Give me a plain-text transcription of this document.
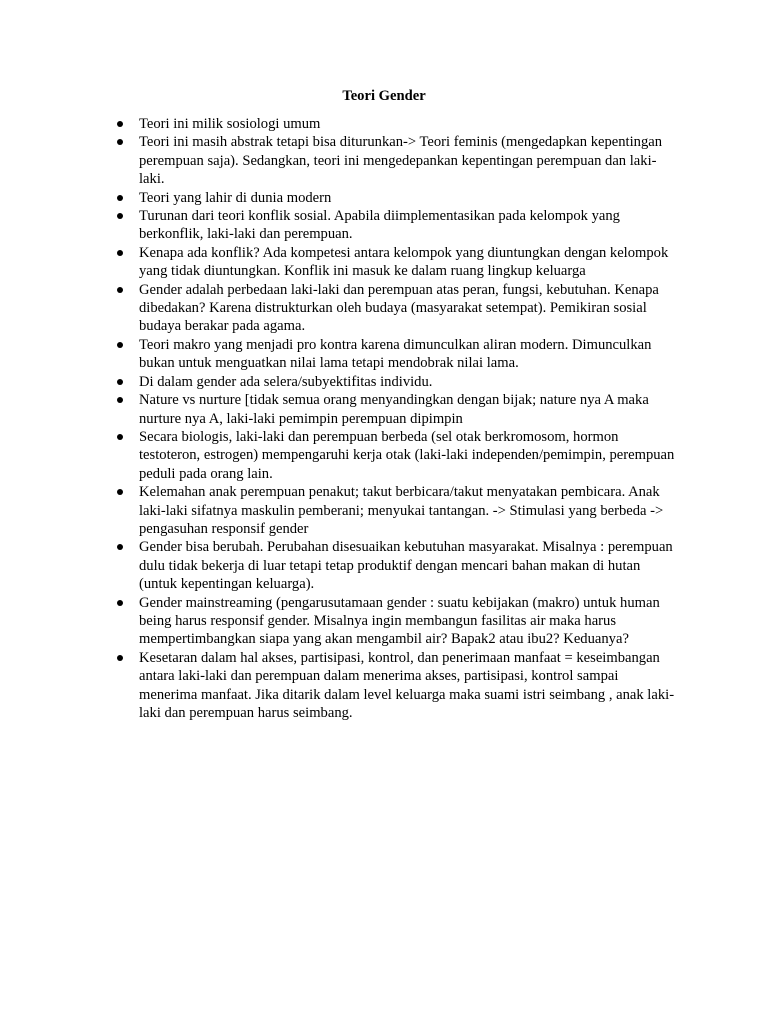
Teori Gender
Teori ini milik sosiologi umum
Teori ini masih abstrak tetapi bisa diturunkan-> Teori feminis (mengedapkan kepentingan perempuan saja). Sedangkan, teori ini mengedepankan kepentingan perempuan dan laki-laki.
Teori yang lahir di dunia modern
Turunan dari teori konflik sosial. Apabila diimplementasikan pada kelompok yang berkonflik, laki-laki dan perempuan.
Kenapa ada konflik? Ada kompetesi antara kelompok yang diuntungkan dengan kelompok yang tidak diuntungkan. Konflik ini masuk ke dalam ruang lingkup keluarga
Gender adalah perbedaan laki-laki dan perempuan atas peran, fungsi, kebutuhan. Kenapa dibedakan? Karena distrukturkan oleh budaya (masyarakat setempat). Pemikiran sosial budaya berakar pada agama.
Teori makro yang menjadi pro kontra karena dimunculkan aliran modern. Dimunculkan bukan untuk menguatkan nilai lama tetapi mendobrak nilai lama.
Di dalam gender ada selera/subyektifitas individu.
Nature vs nurture [tidak semua orang menyandingkan dengan bijak; nature nya A maka nurture nya A, laki-laki pemimpin perempuan dipimpin
Secara biologis, laki-laki dan perempuan berbeda (sel otak berkromosom, hormon testoteron, estrogen) mempengaruhi kerja otak (laki-laki independen/pemimpin, perempuan peduli pada orang lain.
Kelemahan anak perempuan penakut; takut berbicara/takut menyatakan pembicara. Anak laki-laki sifatnya maskulin pemberani; menyukai tantangan. -> Stimulasi yang berbeda -> pengasuhan responsif gender
Gender bisa berubah. Perubahan disesuaikan kebutuhan masyarakat. Misalnya : perempuan dulu tidak bekerja di luar tetapi tetap produktif dengan mencari bahan makan di hutan (untuk kepentingan keluarga).
Gender mainstreaming (pengarusutamaan gender : suatu kebijakan (makro) untuk human being harus responsif gender. Misalnya ingin membangun fasilitas air maka harus mempertimbangkan siapa yang akan mengambil air? Bapak2 atau ibu2? Keduanya?
Kesetaran dalam hal akses, partisipasi, kontrol, dan penerimaan manfaat = keseimbangan antara laki-laki dan perempuan dalam menerima akses, partisipasi, kontrol sampai menerima manfaat. Jika ditarik dalam level keluarga maka suami istri seimbang , anak laki-laki dan perempuan harus seimbang.
